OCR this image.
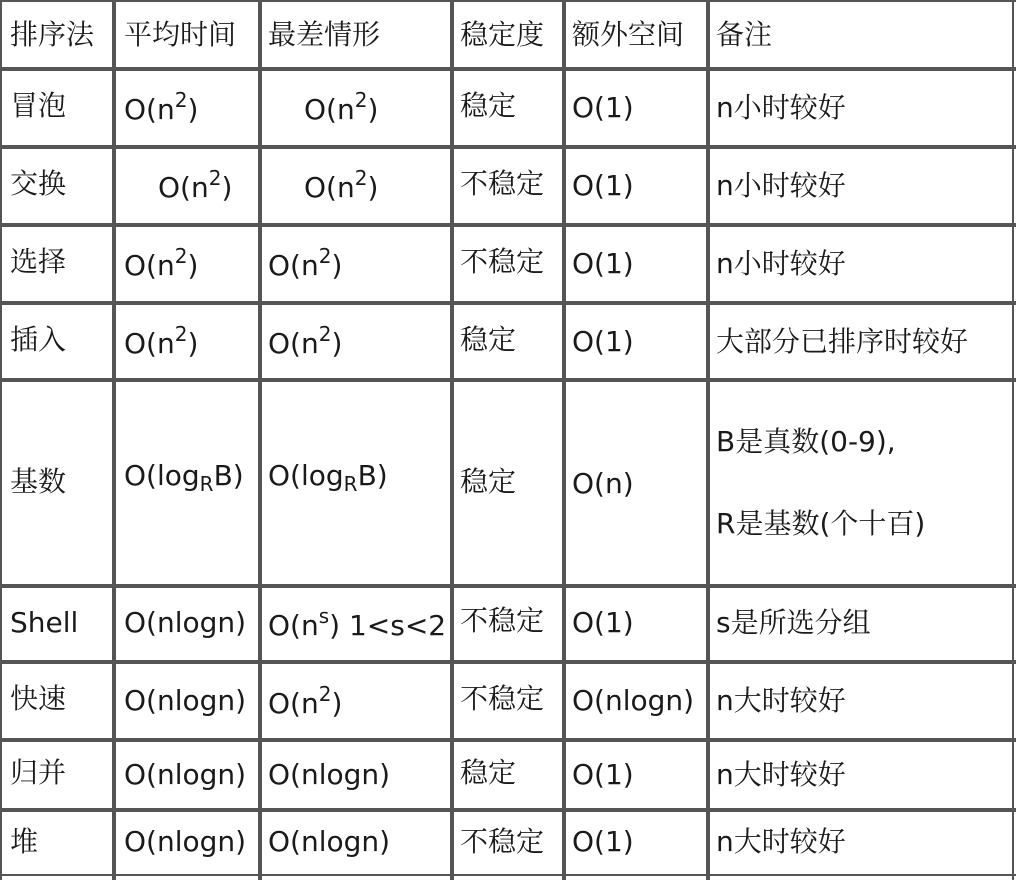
排序法 平均时间 最差情形	稳定度 额外空间 备注
冒泡 $O(n^2)$	$O(n^2)$	稳定 O(1)	n小时较好
交换	$O(n^2)$	$O(n^2)$	不稳定 O(1)	n小时较好
选择 $O(n^2)$ $O(n^2)$	不稳定 O(1)	n小时较好
插入 $O(n^2)$ $O(n^2)$	稳定 O(1)	大部分已排序时较好
基数 $O(\log_RB)$ $O(\log_RB)$	稳定 O(n)
B是真数(0-9),
R是基数(个十百)
Shell O(nlogn) $O(n^s)$ 1<s<2 不稳定 O(1)	s是所选分组
快速 O(nlogn) $O(n^2)$	不稳定 O(nlogn) n大时较好
归并 O(nlogn) O(nlogn) 稳定 O(1)	n大时较好
堆	O(nlogn) O(nlogn) 不稳定 O(1)	n大时较好
